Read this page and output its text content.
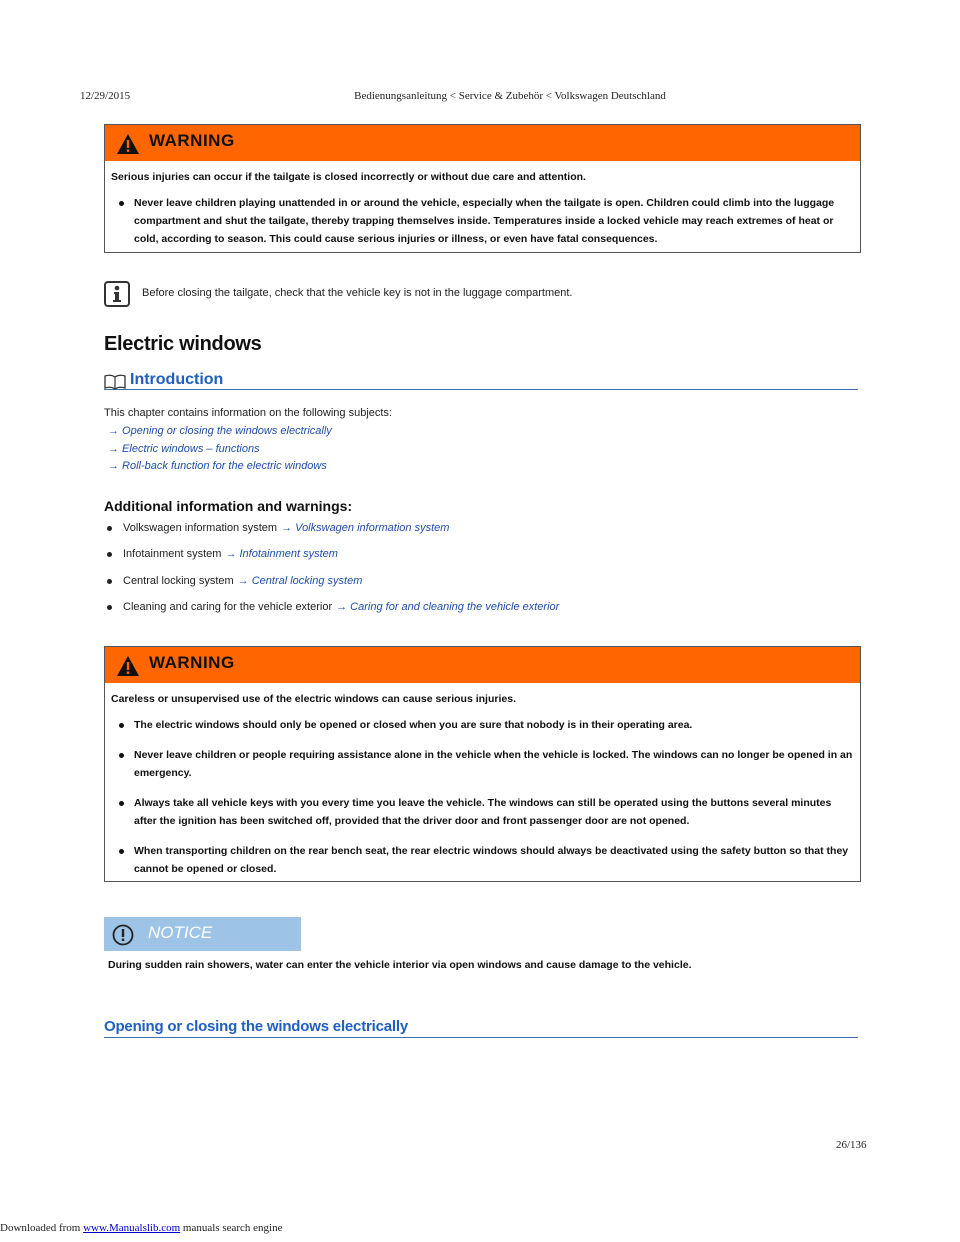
12/29/2015	Bedienungsanleitung < Service & Zubehör < Volkswagen Deutschland
WARNING

Serious injuries can occur if the tailgate is closed incorrectly or without due care and attention.

Never leave children playing unattended in or around the vehicle, especially when the tailgate is open. Children could climb into the luggage compartment and shut the tailgate, thereby trapping themselves inside. Temperatures inside a locked vehicle may reach extremes of heat or cold, according to season. This could cause serious injuries or illness, or even have fatal consequences.
Before closing the tailgate, check that the vehicle key is not in the luggage compartment.
Electric windows
Introduction
This chapter contains information on the following subjects:
→ Opening or closing the windows electrically
→ Electric windows – functions
→ Roll-back function for the electric windows
Additional information and warnings:
Volkswagen information system → Volkswagen information system
Infotainment system → Infotainment system
Central locking system → Central locking system
Cleaning and caring for the vehicle exterior → Caring for and cleaning the vehicle exterior
WARNING

Careless or unsupervised use of the electric windows can cause serious injuries.

The electric windows should only be opened or closed when you are sure that nobody is in their operating area.
Never leave children or people requiring assistance alone in the vehicle when the vehicle is locked. The windows can no longer be opened in an emergency.
Always take all vehicle keys with you every time you leave the vehicle. The windows can still be operated using the buttons several minutes after the ignition has been switched off, provided that the driver door and front passenger door are not opened.
When transporting children on the rear bench seat, the rear electric windows should always be deactivated using the safety button so that they cannot be opened or closed.
NOTICE
During sudden rain showers, water can enter the vehicle interior via open windows and cause damage to the vehicle.
Opening or closing the windows electrically
26/136
Downloaded from www.Manualslib.com manuals search engine
